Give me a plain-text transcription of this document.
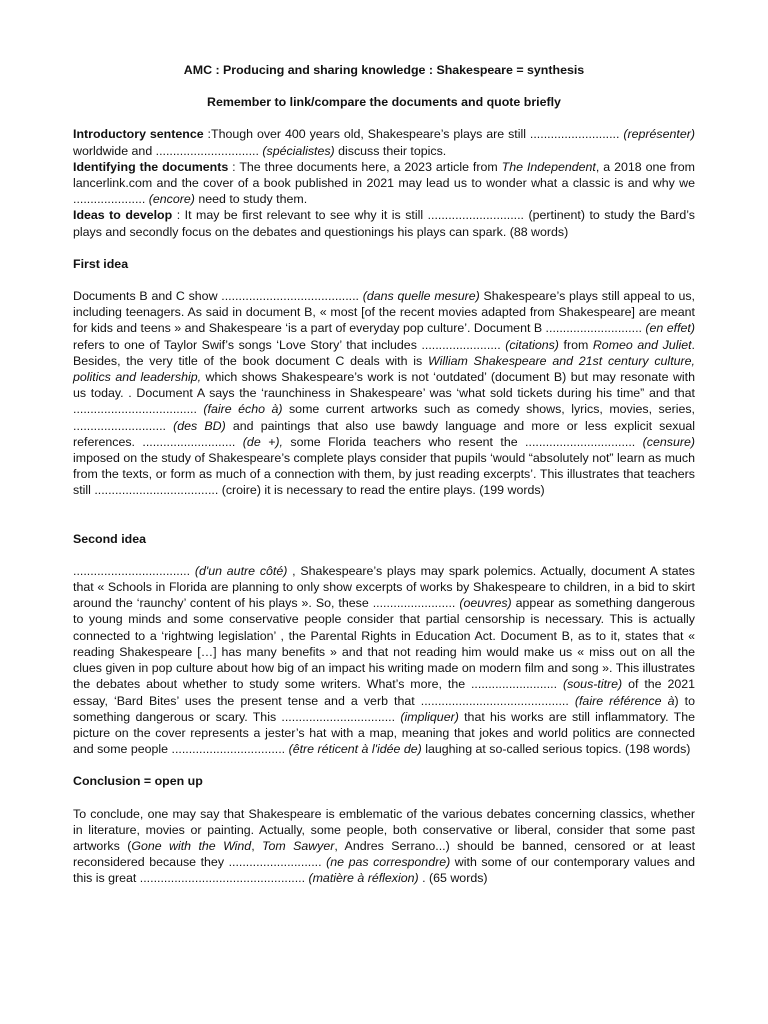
AMC : Producing and sharing knowledge : Shakespeare = synthesis
Remember to link/compare the documents and quote briefly

Introductory sentence :Though over 400 years old, Shakespeare’s plays are still .......................... (représenter) worldwide and .............................. (spécialistes) discuss their topics.
Identifying the documents : The three documents here, a 2023 article from The Independent, a 2018 one from lancerlink.com and the cover of a book published in 2021 may lead us to wonder what a classic is and why we ..................... (encore) need to study them.
Ideas to develop : It may be first relevant to see why it is still ............................ (pertinent) to study the Bard’s plays and secondly focus on the debates and questionings his plays can spark. (88 words)

First idea

Documents B and C show ........................................ (dans quelle mesure) Shakespeare’s plays still appeal to us, including teenagers. As said in document B, « most [of the recent movies adapted from Shakespeare] are meant for kids and teens » and Shakespeare ‘is a part of everyday pop culture’. Document B ............................ (en effet) refers to one of Taylor Swif’s songs ‘Love Story’ that includes ....................... (citations) from Romeo and Juliet. Besides, the very title of the book document C deals with is William Shakespeare and 21st century culture, politics and leadership, which shows Shakespeare’s work is not ‘outdated’ (document B) but may resonate with us today. . Document A says the ‘raunchiness in Shakespeare’ was ‘what sold tickets during his time” and that .................................... (faire écho à) some current artworks such as comedy shows, lyrics, movies, series, ........................... (des BD) and paintings that also use bawdy language and more or less explicit sexual references. ........................... (de +), some Florida teachers who resent the ................................ (censure) imposed on the study of Shakespeare’s complete plays consider that pupils ‘would “absolutely not” learn as much from the texts, or form as much of a connection with them, by just reading excerpts’. This illustrates that teachers still .................................... (croire) it is necessary to read the entire plays. (199 words)

Second idea

.................................. (d'un autre côté) , Shakespeare’s plays may spark polemics. Actually, document A states that « Schools in Florida are planning to only show excerpts of works by Shakespeare to children, in a bid to skirt around the ‘raunchy’ content of his plays ». So, these ........................ (oeuvres) appear as something dangerous to young minds and some conservative people consider that partial censorship is necessary. This is actually connected to a ‘rightwing legislation’ , the Parental Rights in Education Act. Document B, as to it, states that « reading Shakespeare […] has many benefits » and that not reading him would make us « miss out on all the clues given in pop culture about how big of an impact his writing made on modern film and song ». This illustrates the debates about whether to study some writers. What’s more, the ......................... (sous-titre) of the 2021 essay, ‘Bard Bites’ uses the present tense and a verb that ........................................... (faire référence à) to something dangerous or scary. This ................................. (impliquer) that his works are still inflammatory. The picture on the cover represents a jester’s hat with a map, meaning that jokes and world politics are connected and some people ................................. (être réticent à l'idée de) laughing at so-called serious topics. (198 words)

Conclusion = open up

To conclude, one may say that Shakespeare is emblematic of the various debates concerning classics, whether in literature, movies or painting. Actually, some people, both conservative or liberal, consider that some past artworks (Gone with the Wind, Tom Sawyer, Andres Serrano...) should be banned, censored or at least reconsidered because they ........................... (ne pas correspondre) with some of our contemporary values and this is great ................................................ (matière à réflexion) . (65 words)
